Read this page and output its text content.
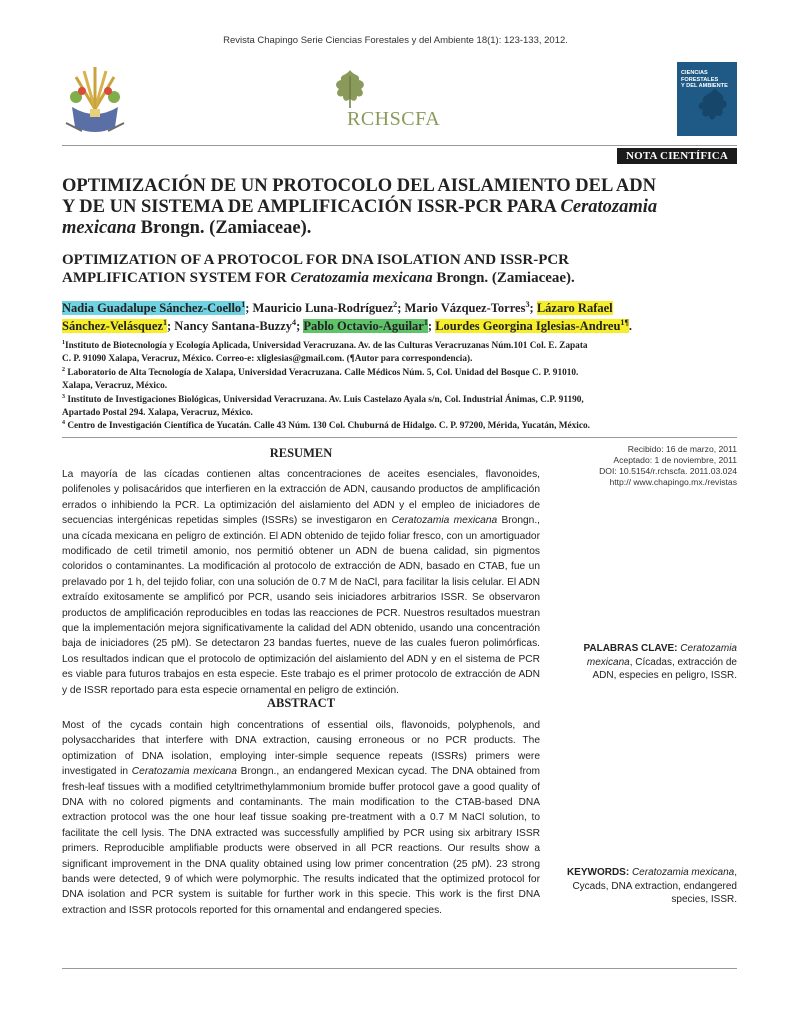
Revista Chapingo Serie Ciencias Forestales y del Ambiente 18(1): 123-133, 2012.
RCHSCFA
CIENCIAS FORESTALES
Y DEL AMBIENTE
NOTA CIENTÍFICA
OPTIMIZACIÓN DE UN PROTOCOLO DEL AISLAMIENTO DEL ADN
Y DE UN SISTEMA DE AMPLIFICACIÓN ISSR-PCR PARA Ceratozamia
mexicana Brongn. (Zamiaceae).
OPTIMIZATION OF A PROTOCOL FOR DNA ISOLATION AND ISSR-PCR
AMPLIFICATION SYSTEM FOR Ceratozamia mexicana Brongn. (Zamiaceae).
Nadia Guadalupe Sánchez-Coello$^1$; Mauricio Luna-Rodríguez$^2$; Mario Vázquez-Torres$^3$; Lázaro Rafael
Sánchez-Velásquez$^1$; Nancy Santana-Buzzy$^4$; Pablo Octavio-Aguilar$^1$; Lourdes Georgina Iglesias-Andreu$^{1\P}$.
$^1$Instituto de Biotecnología y Ecología Aplicada, Universidad Veracruzana. Av. de las Culturas Veracruzanas Núm.101 Col. E. Zapata
C. P. 91090 Xalapa, Veracruz, México. Correo-e: xliglesias@gmail.com. (¶Autor para correspondencia).
$^2$ Laboratorio de Alta Tecnología de Xalapa, Universidad Veracruzana. Calle Médicos Núm. 5, Col. Unidad del Bosque C. P. 91010.
Xalapa, Veracruz, México.
$^3$ Instituto de Investigaciones Biológicas, Universidad Veracruzana. Av. Luis Castelazo Ayala s/n, Col. Industrial Ánimas, C.P. 91190,
Apartado Postal 294. Xalapa, Veracruz, México.
$^4$ Centro de Investigación Científica de Yucatán. Calle 43 Núm. 130 Col. Chuburná de Hidalgo. C. P. 97200, Mérida, Yucatán, México.
RESUMEN	Recibido: 16 de marzo, 2011
Aceptado: 1 de noviembre, 2011
DOI: 10.5154/r.rchscfa. 2011.03.024
http:// www.chapingo.mx./revistas
La mayoría de las cícadas contienen altas concentraciones de aceites esenciales, flavonoides, polifenoles y polisacáridos que interfieren en la extracción de ADN, causando productos de amplificación errados o inhibiendo la PCR. La optimización del aislamiento del ADN y el empleo de iniciadores de secuencias intergénicas repetidas simples (ISSRs) se investigaron en Ceratozamia mexicana Brongn., una cícada mexicana en peligro de extinción. El ADN obtenido de tejido foliar fresco, con un amortiguador modificado de cetil trimetil amonio, nos permitió obtener un ADN de buena calidad, sin pigmentos coloridos o contaminantes. La modificación al protocolo de extracción de ADN, basado en CTAB, fue un prelavado por 1 h, del tejido foliar, con una solución de 0.7 M de NaCl, para facilitar la lisis celular. El ADN extraído exitosamente se amplificó por PCR, usando seis iniciadores arbitrarios ISSR. Se observaron productos de amplificación reproducibles en todas las reacciones de PCR. Nuestros resultados muestran que la implementación mejora significativamente la calidad del ADN obtenido, usando una concentración baja de iniciadores (25 pM). Se detectaron 23 bandas fuertes, nueve de las cuales fueron polimórficas. Los resultados indican que el protocolo de optimización del aislamiento del ADN y en el sistema de PCR es viable para futuros trabajos en esta especie. Este trabajo es el primer protocolo de extracción de ADN y de ISSR reportado para esta especie ornamental en peligro de extinción.
PALABRAS CLAVE: Ceratozamia mexicana, Cícadas, extracción de ADN, especies en peligro, ISSR.
ABSTRACT
Most of the cycads contain high concentrations of essential oils, flavonoids, polyphenols, and polysaccharides that interfere with DNA extraction, causing erroneous or no PCR products. The optimization of DNA isolation, employing inter-simple sequence repeats (ISSRs) primers were investigated in Ceratozamia mexicana Brongn., an endangered Mexican cycad. The DNA obtained from fresh-leaf tissues with a modified cetyltrimethylammonium bromide buffer protocol gave a good quality of DNA with no colored pigments and contaminants. The main modification to the CTAB-based DNA extraction protocol was the one hour leaf tissue soaking pre-treatment with a 0.7 M NaCl solution, to facilitate the cell lysis. The DNA extracted was successfully amplified by PCR using six arbitrary ISSR primers. Reproducible amplifiable products were observed in all PCR reactions. Our results show a significant improvement in the DNA quality obtained using low primer concentration (25 pM). 23 strong bands were detected, 9 of which were polymorphic. The results indicated that the optimized protocol for DNA isolation and PCR system is suitable for further work in this specie. This work is the first DNA extraction and ISSR protocols reported for this ornamental and endangered species.
KEYWORDS: Ceratozamia mexicana, Cycads, DNA extraction, endangered species, ISSR.
